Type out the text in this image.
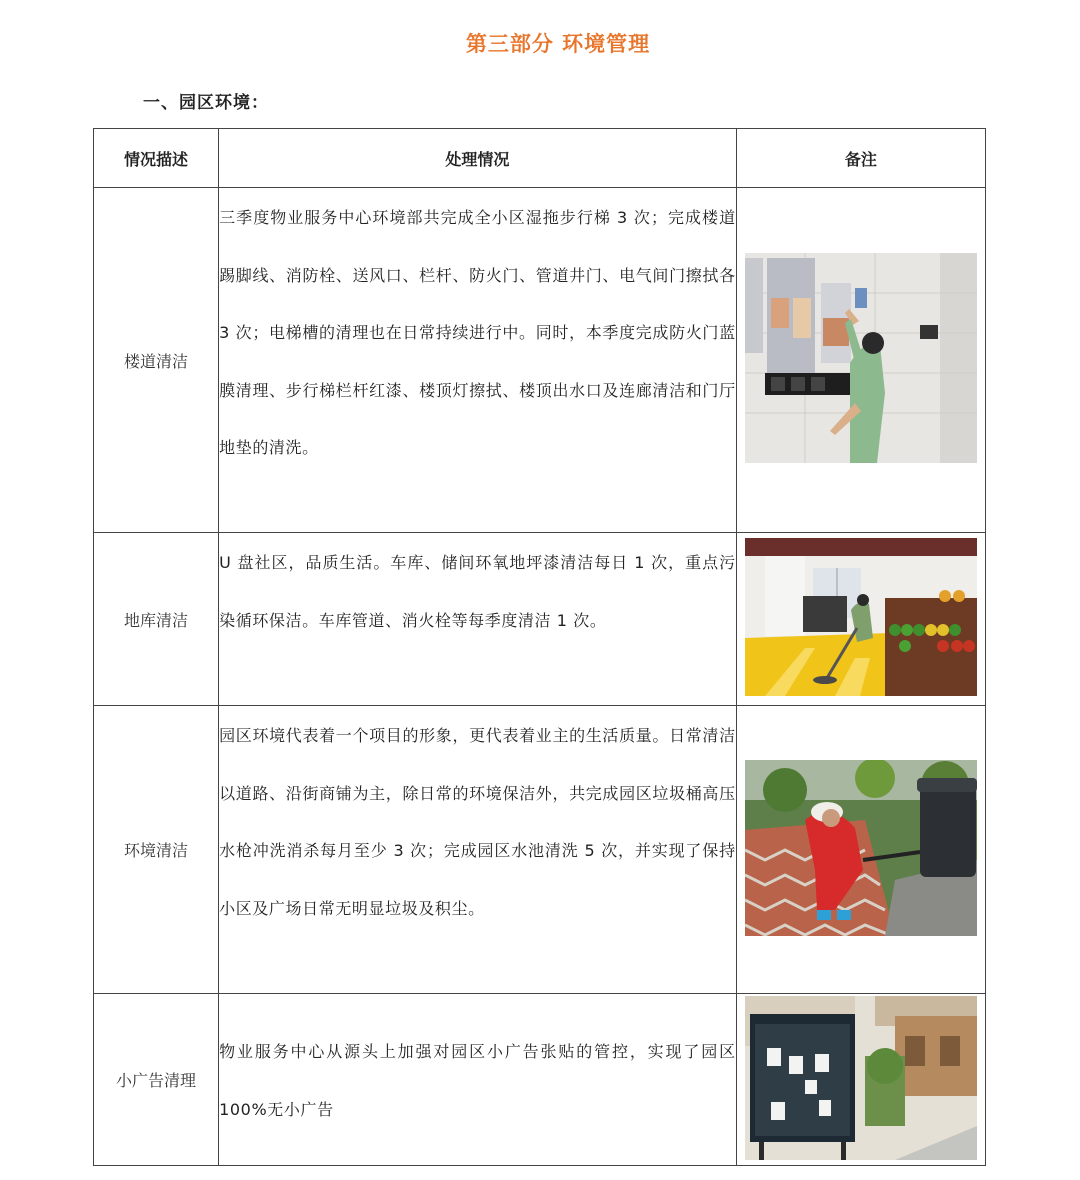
第三部分 环境管理
一、园区环境：
情况描述	处理情况	备注
楼道清洁	三季度物业服务中心环境部共完成全小区湿拖步行梯 3 次；完成楼道踢脚线、消防栓、送风口、栏杆、防火门、管道井门、电气间门擦拭各 3 次；电梯槽的清理也在日常持续进行中。同时，本季度完成防火门蓝膜清理、步行梯栏杆红漆、楼顶灯擦拭、楼顶出水口及连廊清洁和门厅地垫的清洗。

地库清洁	U 盘社区，品质生活。车库、储间环氧地坪漆清洁每日 1 次，重点污染循环保洁。车库管道、消火栓等每季度清洁 1 次。

环境清洁	园区环境代表着一个项目的形象，更代表着业主的生活质量。日常清洁以道路、沿街商铺为主，除日常的环境保洁外，共完成园区垃圾桶高压水枪冲洗消杀每月至少 3 次；完成园区水池清洗 5 次，并实现了保持小区及广场日常无明显垃圾及积尘。

小广告清理	物业服务中心从源头上加强对园区小广告张贴的管控，实现了园区 100%无小广告
